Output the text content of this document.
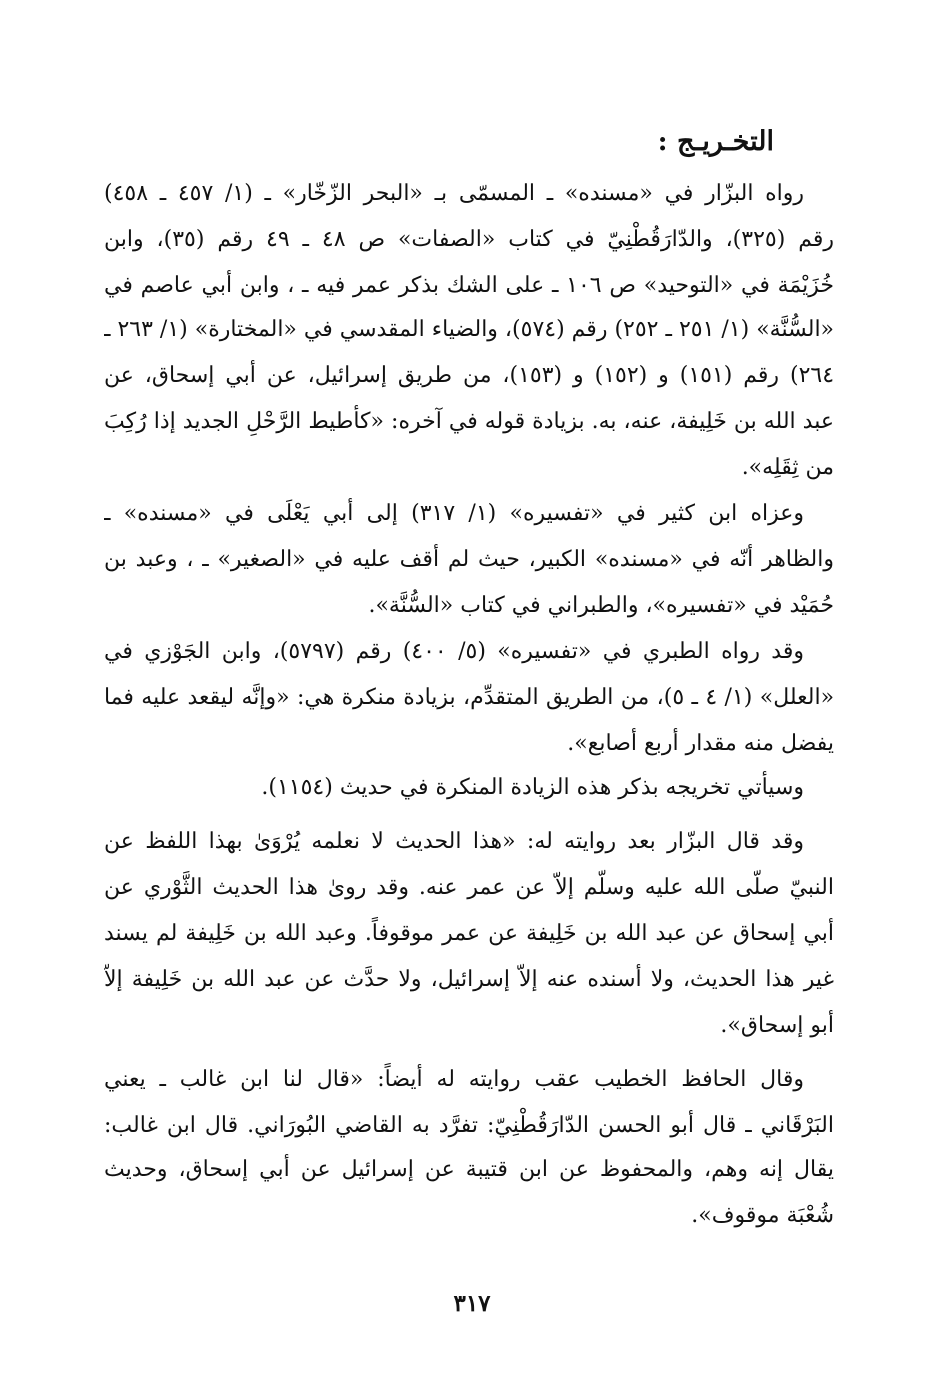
التخـريـج :
رواه البزّار في «مسنده» ـ المسمّى بـ «البحر الزّخّار» ـ (١/ ٤٥٧ ـ ٤٥٨)
رقم (٣٢٥)، والدّارَقُطْنِيّ في كتاب «الصفات» ص ٤٨ ـ ٤٩ رقم (٣٥)، وابن
خُزَيْمَة في «التوحيد» ص ١٠٦ ـ على الشك بذكر عمر فيه ـ ، وابن أبي عاصم في
«السُّنَّة» (١/ ٢٥١ ـ ٢٥٢) رقم (٥٧٤)، والضياء المقدسي في «المختارة» (١/ ٢٦٣ ـ
٢٦٤) رقم (١٥١) و (١٥٢) و (١٥٣)، من طريق إسرائيل، عن أبي إسحاق، عن
عبد الله بن خَلِيفة، عنه، به. بزيادة قوله في آخره: «كأطيط الرَّحْلِ الجديد إذا رُكِبَ
من ثِقَلِه».
وعزاه ابن كثير في «تفسيره» (١/ ٣١٧) إلى أبي يَعْلَى في «مسنده» ـ
والظاهر أنّه في «مسنده» الكبير، حيث لم أقف عليه في «الصغير» ـ ، وعبد بن
حُمَيْد في «تفسيره»، والطبراني في كتاب «السُّنَّة».
وقد رواه الطبري في «تفسيره» (٥/ ٤٠٠) رقم (٥٧٩٧)، وابن الجَوْزي في
«العلل» (١/ ٤ ـ ٥)، من الطريق المتقدِّم، بزيادة منكرة هي: «وإنَّه ليقعد عليه فما
يفضل منه مقدار أربع أصابع».
وسيأتي تخريجه بذكر هذه الزيادة المنكرة في حديث (١١٥٤).
وقد قال البزّار بعد روايته له: «هذا الحديث لا نعلمه يُرْوَىٰ بهذا اللفظ عن
النبيّ صلّى الله عليه وسلّم إلاّ عن عمر عنه. وقد روىٰ هذا الحديث الثَّوْري عن
أبي إسحاق عن عبد الله بن خَلِيفة عن عمر موقوفاً. وعبد الله بن خَلِيفة لم يسند
غير هذا الحديث، ولا أسنده عنه إلاّ إسرائيل، ولا حدَّث عن عبد الله بن خَلِيفة إلاّ
أبو إسحاق».
وقال الحافظ الخطيب عقب روايته له أيضاً: «قال لنا ابن غالب ـ يعني
البَرْقَاني ـ قال أبو الحسن الدّارَقُطْنِيّ: تفرَّد به القاضي البُورَاني. قال ابن غالب:
يقال إنه وهم، والمحفوظ عن ابن قتيبة عن إسرائيل عن أبي إسحاق، وحديث
شُعْبَة موقوف».
٣١٧
